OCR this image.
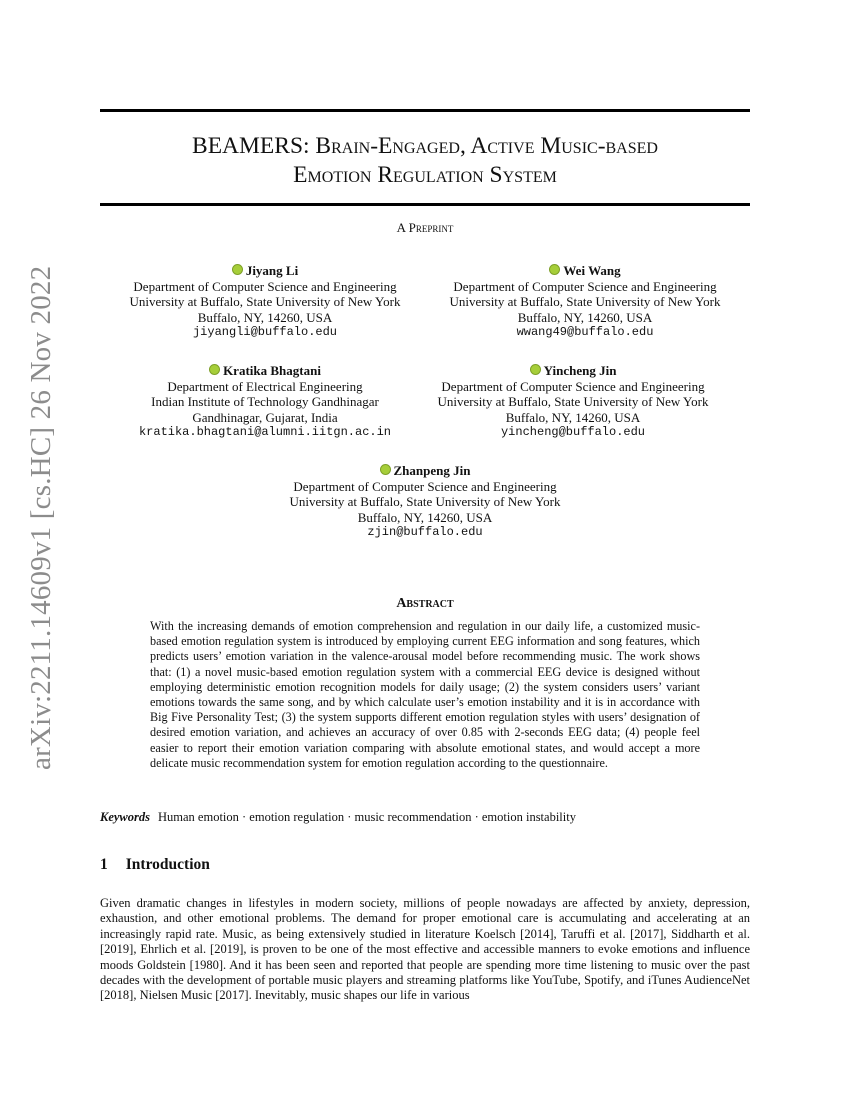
arXiv:2211.14609v1 [cs.HC] 26 Nov 2022
BEAMERS: Brain-Engaged, Active Music-based
Emotion Regulation System
A Preprint
Jiyang Li
Department of Computer Science and Engineering
University at Buffalo, State University of New York
Buffalo, NY, 14260, USA
jiyangli@buffalo.edu
Wei Wang
Department of Computer Science and Engineering
University at Buffalo, State University of New York
Buffalo, NY, 14260, USA
wwang49@buffalo.edu
Kratika Bhagtani
Department of Electrical Engineering
Indian Institute of Technology Gandhinagar
Gandhinagar, Gujarat, India
kratika.bhagtani@alumni.iitgn.ac.in
Yincheng Jin
Department of Computer Science and Engineering
University at Buffalo, State University of New York
Buffalo, NY, 14260, USA
yincheng@buffalo.edu
Zhanpeng Jin
Department of Computer Science and Engineering
University at Buffalo, State University of New York
Buffalo, NY, 14260, USA
zjin@buffalo.edu
Abstract
With the increasing demands of emotion comprehension and regulation in our daily life, a customized music-based emotion regulation system is introduced by employing current EEG information and song features, which predicts users’ emotion variation in the valence-arousal model before recommending music. The work shows that: (1) a novel music-based emotion regulation system with a commercial EEG device is designed without employing deterministic emotion recognition models for daily usage; (2) the system considers users’ variant emotions towards the same song, and by which calculate user’s emotion instability and it is in accordance with Big Five Personality Test; (3) the system supports different emotion regulation styles with users’ designation of desired emotion variation, and achieves an accuracy of over 0.85 with 2-seconds EEG data; (4) people feel easier to report their emotion variation comparing with absolute emotional states, and would accept a more delicate music recommendation system for emotion regulation according to the questionnaire.
Keywords Human emotion · emotion regulation · music recommendation · emotion instability
1 Introduction
Given dramatic changes in lifestyles in modern society, millions of people nowadays are affected by anxiety, depression, exhaustion, and other emotional problems. The demand for proper emotional care is accumulating and accelerating at an increasingly rapid rate. Music, as being extensively studied in literature Koelsch [2014], Taruffi et al. [2017], Siddharth et al. [2019], Ehrlich et al. [2019], is proven to be one of the most effective and accessible manners to evoke emotions and influence moods Goldstein [1980]. And it has been seen and reported that people are spending more time listening to music over the past decades with the development of portable music players and streaming platforms like YouTube, Spotify, and iTunes AudienceNet [2018], Nielsen Music [2017]. Inevitably, music shapes our life in various
